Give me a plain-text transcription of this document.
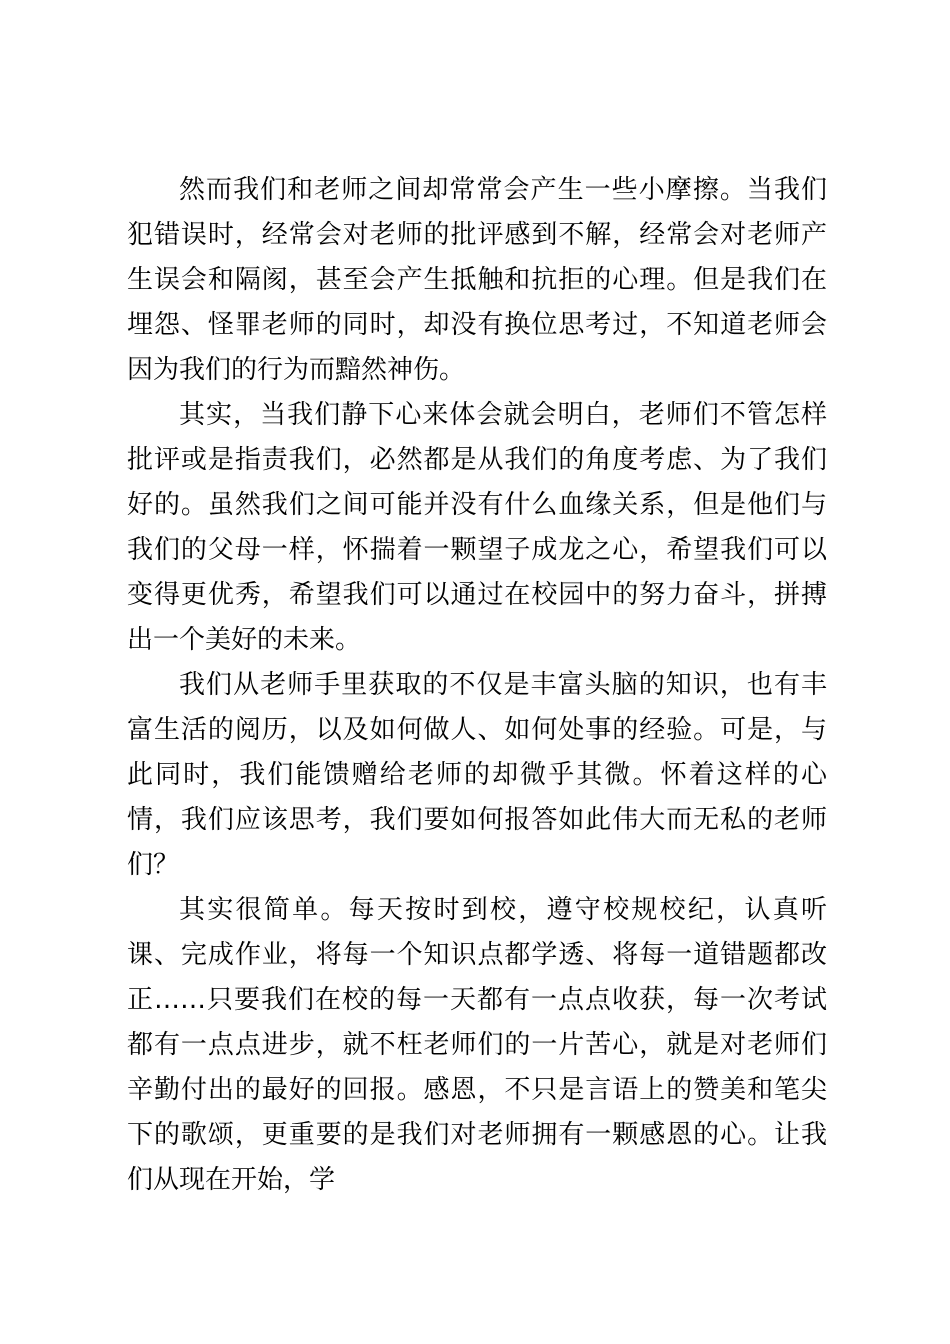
然而我们和老师之间却常常会产生一些小摩擦。当我们犯错误时，经常会对老师的批评感到不解，经常会对老师产生误会和隔阂，甚至会产生抵触和抗拒的心理。但是我们在埋怨、怪罪老师的同时，却没有换位思考过，不知道老师会因为我们的行为而黯然神伤。

其实，当我们静下心来体会就会明白，老师们不管怎样批评或是指责我们，必然都是从我们的角度考虑、为了我们好的。虽然我们之间可能并没有什么血缘关系，但是他们与我们的父母一样，怀揣着一颗望子成龙之心，希望我们可以变得更优秀，希望我们可以通过在校园中的努力奋斗，拼搏出一个美好的未来。

我们从老师手里获取的不仅是丰富头脑的知识，也有丰富生活的阅历，以及如何做人、如何处事的经验。可是，与此同时，我们能馈赠给老师的却微乎其微。怀着这样的心情，我们应该思考，我们要如何报答如此伟大而无私的老师们？

其实很简单。每天按时到校，遵守校规校纪，认真听课、完成作业，将每一个知识点都学透、将每一道错题都改正……只要我们在校的每一天都有一点点收获，每一次考试都有一点点进步，就不枉老师们的一片苦心，就是对老师们辛勤付出的最好的回报。感恩，不只是言语上的赞美和笔尖下的歌颂，更重要的是我们对老师拥有一颗感恩的心。让我们从现在开始，学
